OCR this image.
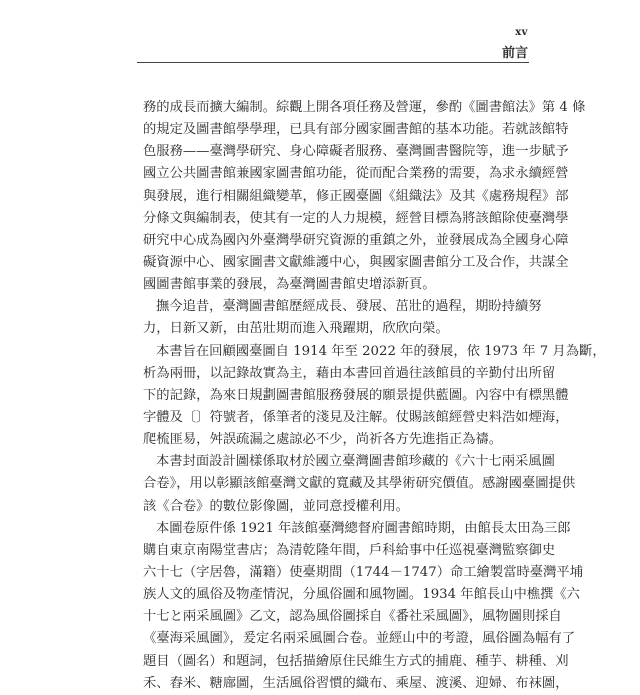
xv
前言
務的成長而擴大編制。綜觀上開各項任務及營運，參酌《圖書館法》第 4 條
的規定及圖書館學學理，已具有部分國家圖書館的基本功能。若就該館特
色服務——臺灣學研究、身心障礙者服務、臺灣圖書醫院等，進一步賦予
國立公共圖書館兼國家圖書館功能，從而配合業務的需要，為求永續經營
與發展，進行相關組織變革，修正國臺圖《組織法》及其《處務規程》部
分條文與編制表，使其有一定的人力規模，經營目標為將該館除使臺灣學
研究中心成為國內外臺灣學研究資源的重鎮之外，並發展成為全國身心障
礙資源中心、國家圖書文獻維護中心，與國家圖書館分工及合作，共謀全
國圖書館事業的發展，為臺灣圖書館史增添新頁。
撫今追昔，臺灣圖書館歷經成長、發展、茁壯的過程，期盼持續努
力，日新又新，由茁壯期而進入飛躍期，欣欣向榮。
本書旨在回顧國臺圖自 1914 年至 2022 年的發展，依 1973 年 7 月為斷，
析為兩冊，以記錄故實為主，藉由本書回首過往該館員的辛勤付出所留
下的記錄，為來日規劃圖書館服務發展的願景提供藍圖。內容中有標黑體
字體及〔〕符號者，係筆者的淺見及注解。仗賜該館經營史料浩如煙海，
爬梳匪易，舛誤疏漏之處諒必不少，尚祈各方先進指正為禱。
本書封面設計圖樣係取材於國立臺灣圖書館珍藏的《六十七兩采風圖
合卷》，用以彰顯該館臺灣文獻的寬藏及其學術研究價值。感謝國臺圖提供
該《合卷》的數位影像圖，並同意授權利用。
本圖卷原件係 1921 年該館臺灣總督府圖書館時期，由館長太田為三郎
購自東京南陽堂書店；為清乾隆年間，戶科給事中任巡視臺灣監察御史
六十七（字居魯，滿籍）使臺期間（1744－1747）命工繪製當時臺灣平埔
族人文的風俗及物產情況，分風俗圖和風物圖。1934 年館長山中樵撰《六
十七と兩采風圖》乙文，認為風俗圖採自《番社采風圖》，風物圖則採自
《臺海采風圖》，爰定名兩采風圖合卷。並經山中的考證，風俗圖為幅有了
題目（圖名）和題詞，包括描繪原住民維生方式的捕鹿、種芋、耕種、刈
禾、舂米、糖廍圖，生活風俗習慣的織布、乘屋、渡溪、迎婦、布袜圖，
